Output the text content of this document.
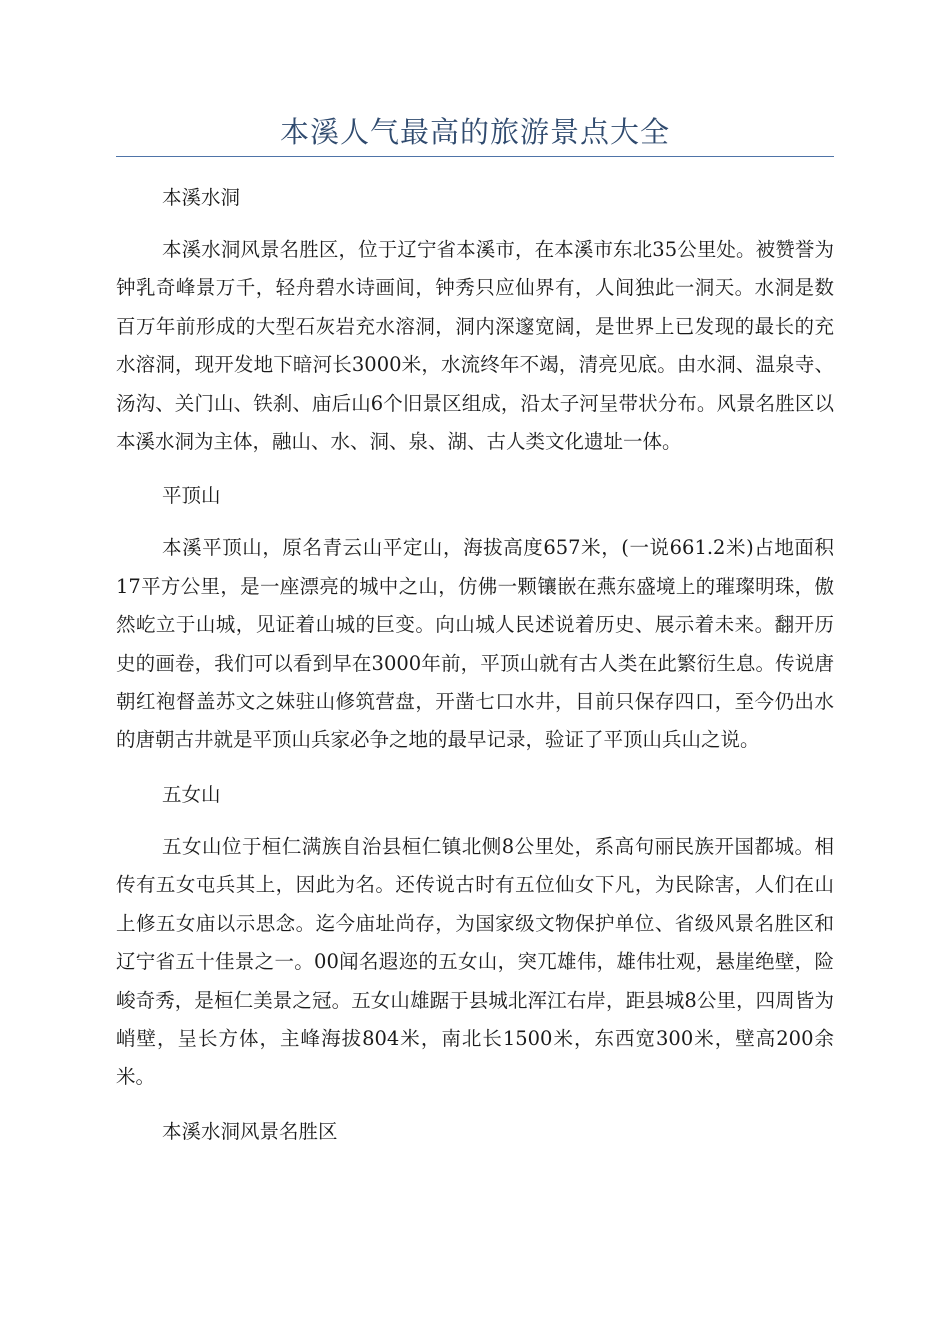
本溪人气最高的旅游景点大全

本溪水洞

本溪水洞风景名胜区，位于辽宁省本溪市，在本溪市东北35公里处。被赞誉为钟乳奇峰景万千，轻舟碧水诗画间，钟秀只应仙界有，人间独此一洞天。水洞是数百万年前形成的大型石灰岩充水溶洞，洞内深邃宽阔，是世界上已发现的最长的充水溶洞，现开发地下暗河长3000米，水流终年不竭，清亮见底。由水洞、温泉寺、汤沟、关门山、铁刹、庙后山6个旧景区组成，沿太子河呈带状分布。风景名胜区以本溪水洞为主体，融山、水、洞、泉、湖、古人类文化遗址一体。

平顶山

本溪平顶山，原名青云山平定山，海拔高度657米，(一说661.2米)占地面积17平方公里，是一座漂亮的城中之山，仿佛一颗镶嵌在燕东盛境上的璀璨明珠，傲然屹立于山城，见证着山城的巨变。向山城人民述说着历史、展示着未来。翻开历史的画卷，我们可以看到早在3000年前，平顶山就有古人类在此繁衍生息。传说唐朝红袍督盖苏文之妹驻山修筑营盘，开凿七口水井，目前只保存四口，至今仍出水的唐朝古井就是平顶山兵家必争之地的最早记录，验证了平顶山兵山之说。

五女山

五女山位于桓仁满族自治县桓仁镇北侧8公里处，系高句丽民族开国都城。相传有五女屯兵其上，因此为名。还传说古时有五位仙女下凡，为民除害，人们在山上修五女庙以示思念。迄今庙址尚存，为国家级文物保护单位、省级风景名胜区和辽宁省五十佳景之一。00闻名遐迩的五女山，突兀雄伟，雄伟壮观，悬崖绝壁，险峻奇秀，是桓仁美景之冠。五女山雄踞于县城北浑江右岸，距县城8公里，四周皆为峭壁，呈长方体，主峰海拔804米，南北长1500米，东西宽300米，壁高200余米。

本溪水洞风景名胜区
